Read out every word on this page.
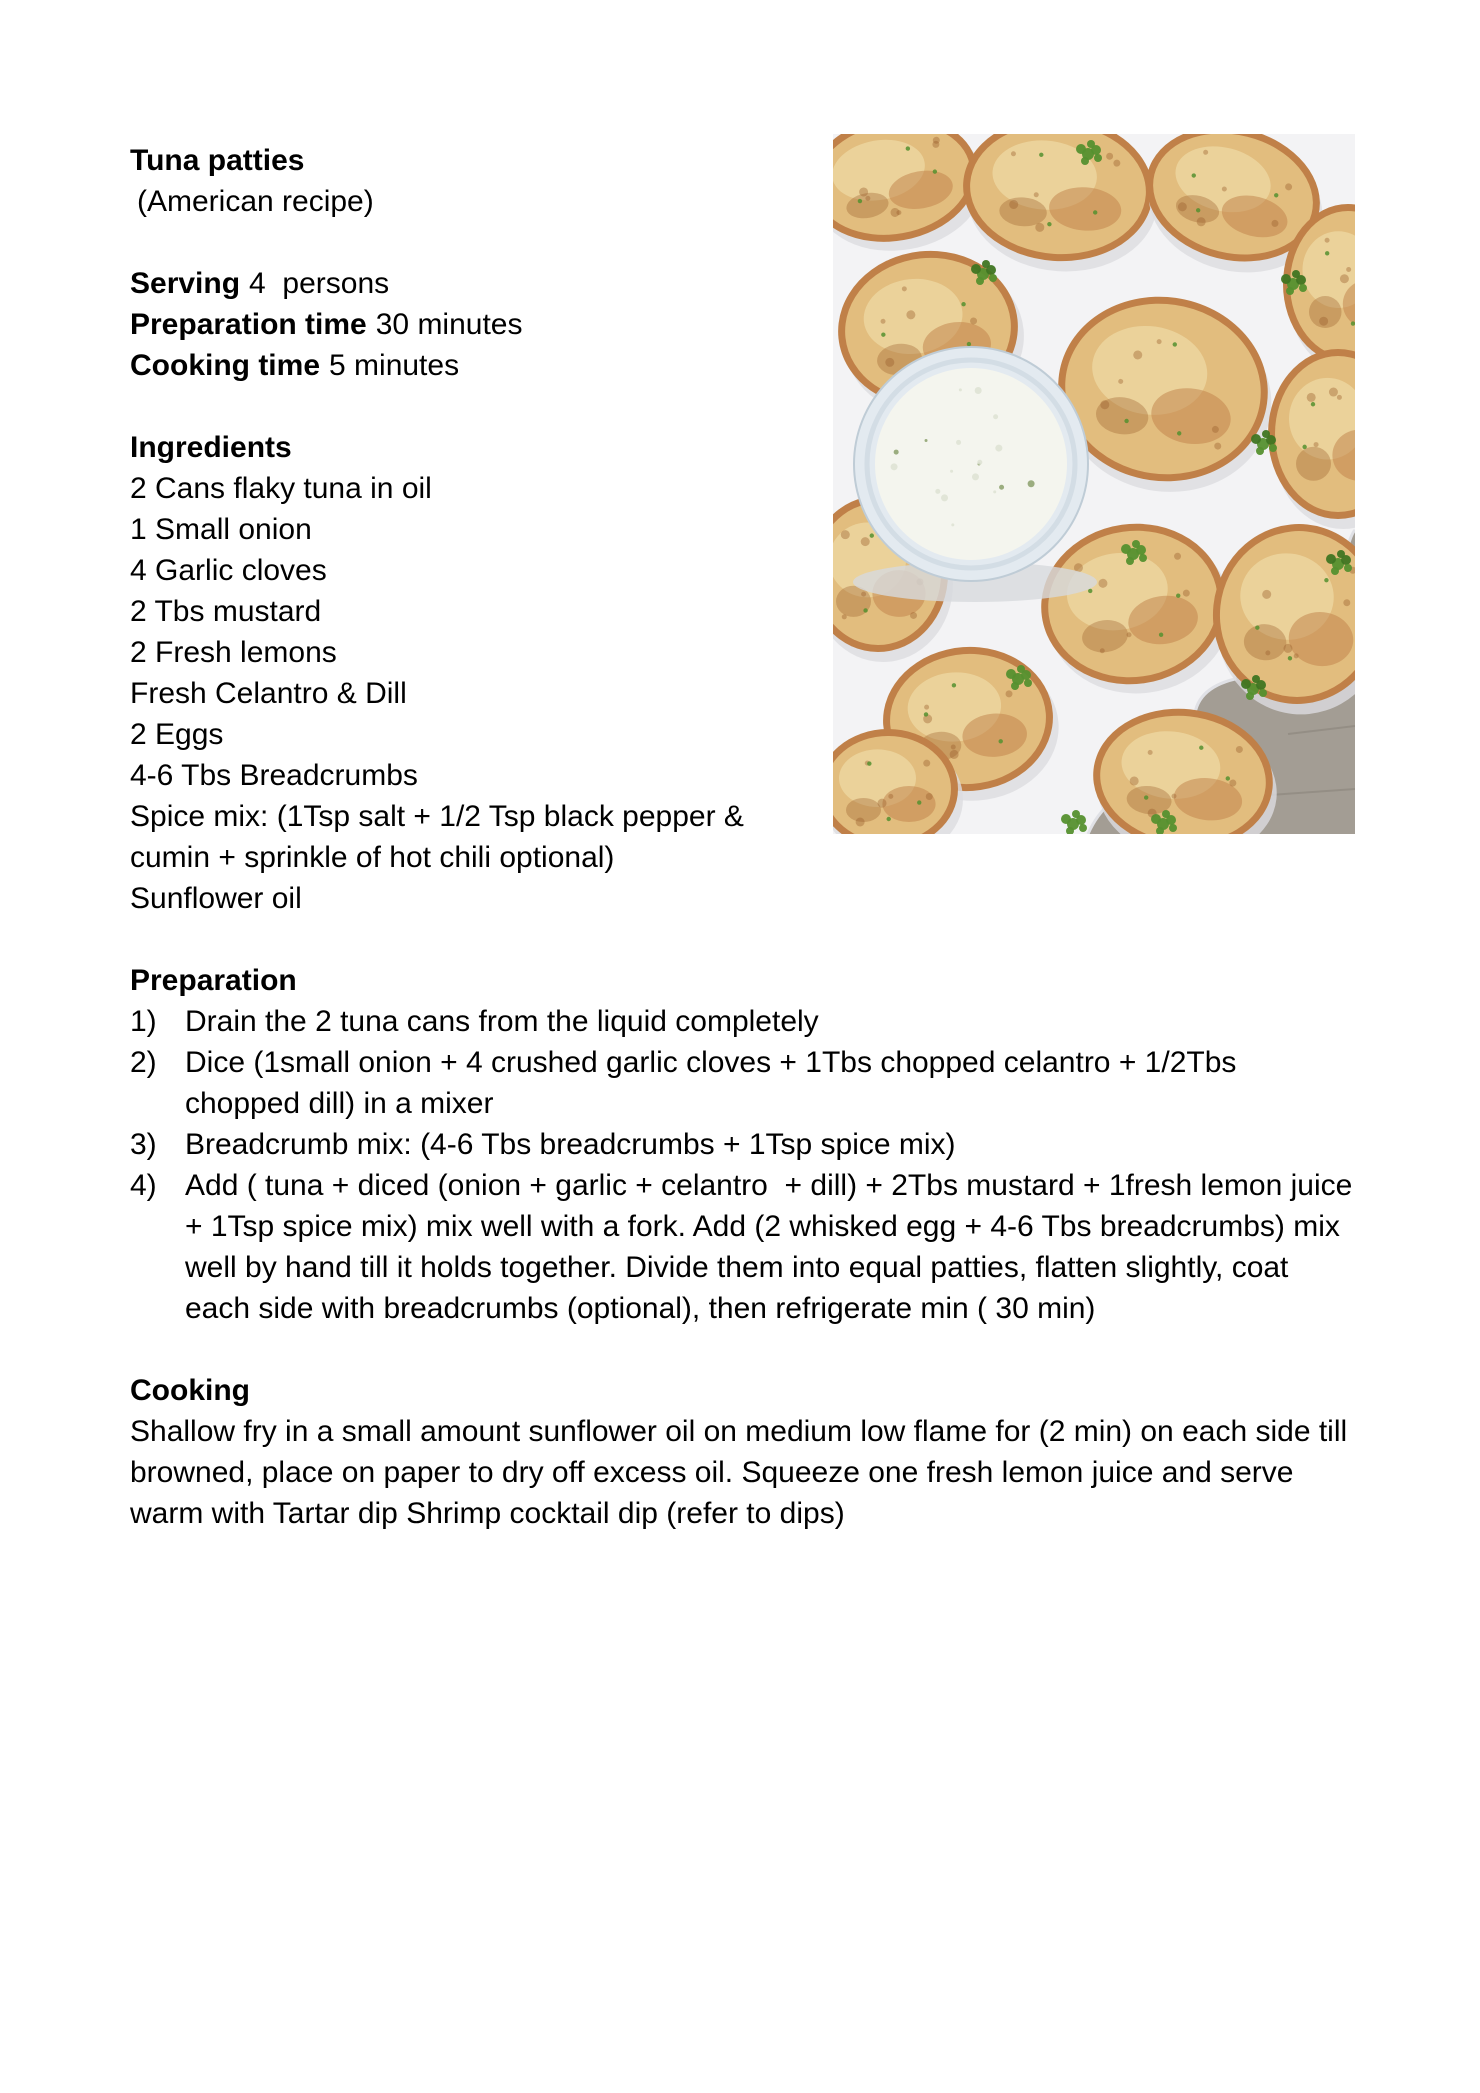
Tuna patties
(American recipe)
Serving 4  persons
Preparation time 30 minutes
Cooking time 5 minutes
Ingredients
2 Cans flaky tuna in oil
1 Small onion
4 Garlic cloves
2 Tbs mustard
2 Fresh lemons
Fresh Celantro & Dill
2 Eggs
4-6 Tbs Breadcrumbs
Spice mix: (1Tsp salt + 1/2 Tsp black pepper & cumin + sprinkle of hot chili optional)
Sunflower oil
Preparation
1) Drain the 2 tuna cans from the liquid completely
2) Dice (1small onion + 4 crushed garlic cloves + 1Tbs chopped celantro + 1/2Tbs chopped dill) in a mixer
3) Breadcrumb mix: (4-6 Tbs breadcrumbs + 1Tsp spice mix)
4) Add ( tuna + diced (onion + garlic + celantro  + dill) + 2Tbs mustard + 1fresh lemon juice + 1Tsp spice mix) mix well with a fork. Add (2 whisked egg + 4-6 Tbs breadcrumbs) mix well by hand till it holds together. Divide them into equal patties, flatten slightly, coat each side with breadcrumbs (optional), then refrigerate min ( 30 min)
Cooking
Shallow fry in a small amount sunflower oil on medium low flame for (2 min) on each side till browned, place on paper to dry off excess oil. Squeeze one fresh lemon juice and serve warm with Tartar dip Shrimp cocktail dip (refer to dips)
